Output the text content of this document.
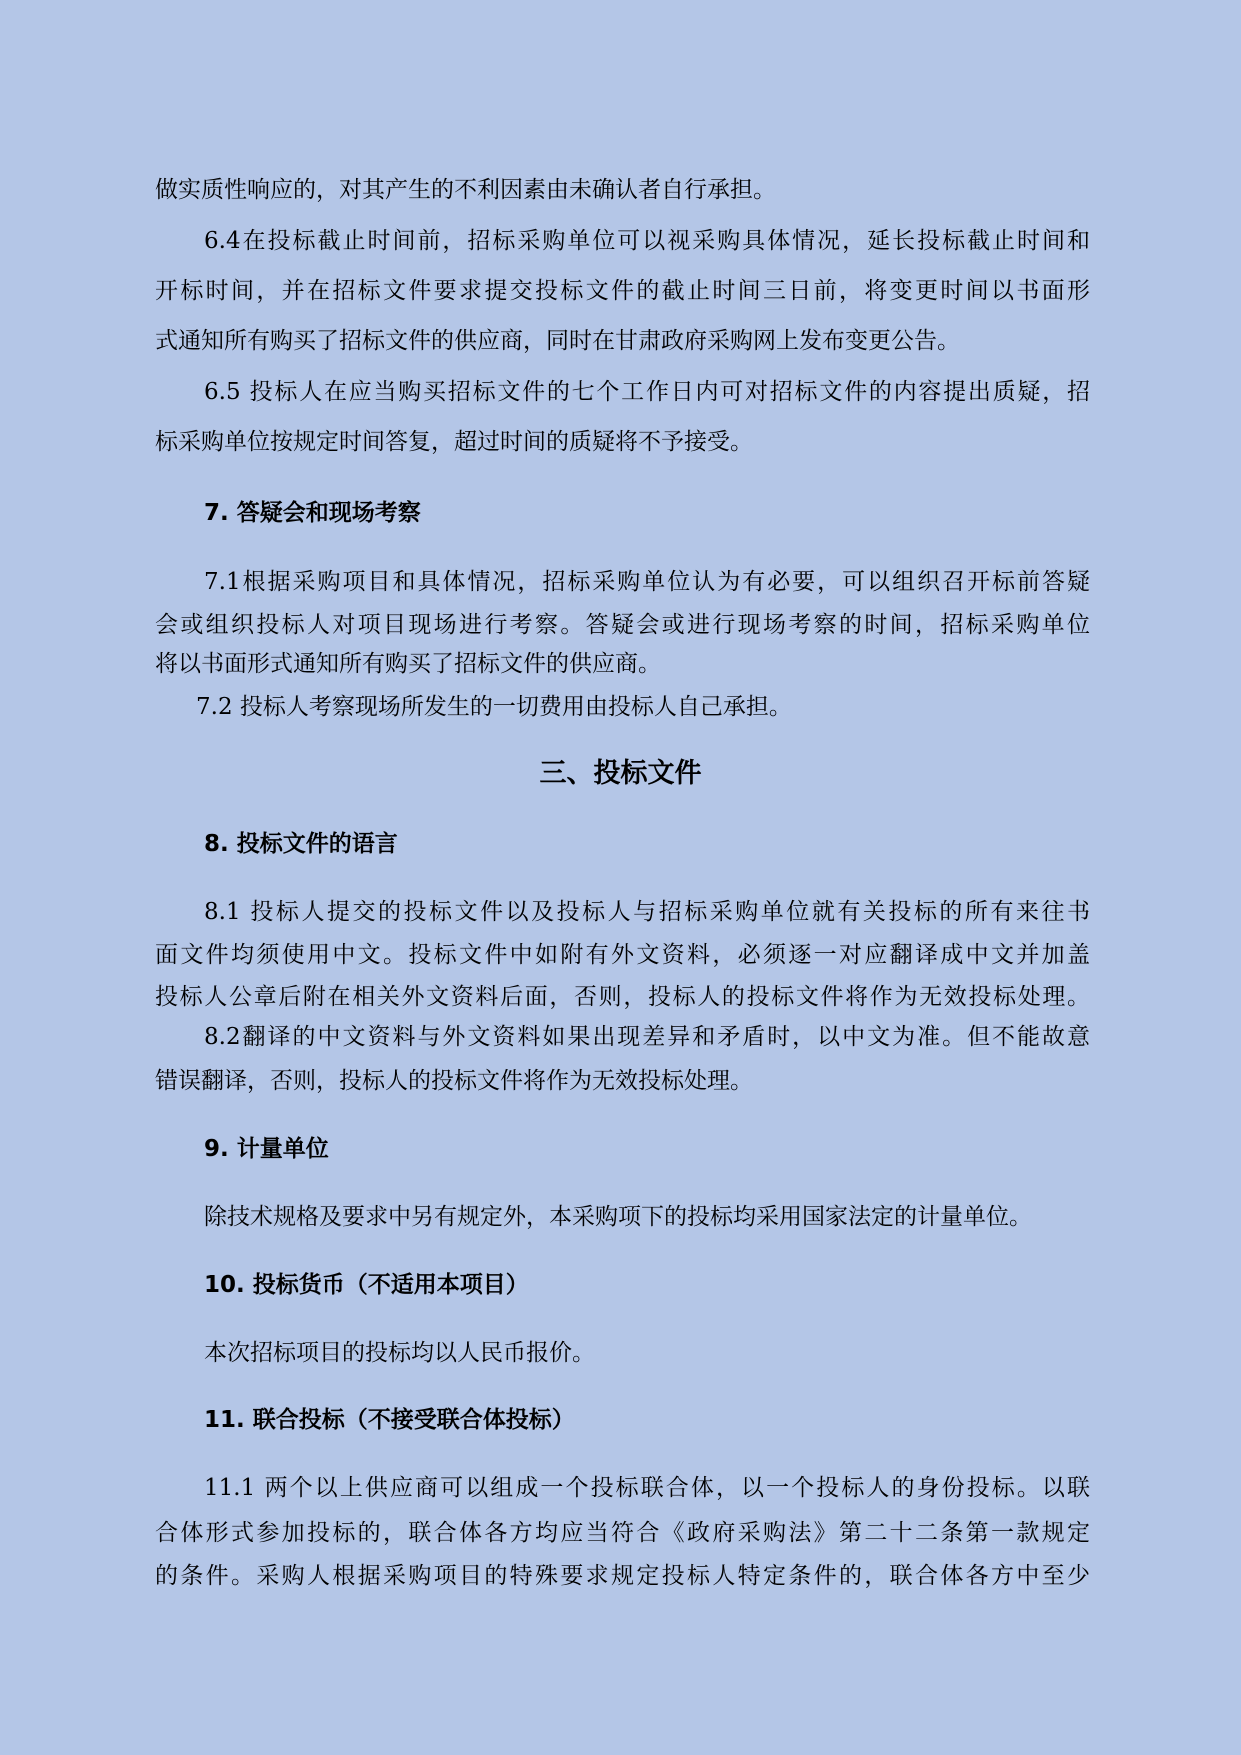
做实质性响应的，对其产生的不利因素由未确认者自行承担。
6.4在投标截止时间前，招标采购单位可以视采购具体情况，延长投标截止时间和
开标时间，并在招标文件要求提交投标文件的截止时间三日前，将变更时间以书面形
式通知所有购买了招标文件的供应商，同时在甘肃政府采购网上发布变更公告。
6.5 投标人在应当购买招标文件的七个工作日内可对招标文件的内容提出质疑，招
标采购单位按规定时间答复，超过时间的质疑将不予接受。
7. 答疑会和现场考察
7.1根据采购项目和具体情况，招标采购单位认为有必要，可以组织召开标前答疑
会或组织投标人对项目现场进行考察。答疑会或进行现场考察的时间，招标采购单位
将以书面形式通知所有购买了招标文件的供应商。
7.2 投标人考察现场所发生的一切费用由投标人自己承担。
三、投标文件
8. 投标文件的语言
8.1 投标人提交的投标文件以及投标人与招标采购单位就有关投标的所有来往书
面文件均须使用中文。投标文件中如附有外文资料，必须逐一对应翻译成中文并加盖
投标人公章后附在相关外文资料后面，否则，投标人的投标文件将作为无效投标处理。
8.2翻译的中文资料与外文资料如果出现差异和矛盾时，以中文为准。但不能故意
错误翻译，否则，投标人的投标文件将作为无效投标处理。
9. 计量单位
除技术规格及要求中另有规定外，本采购项下的投标均采用国家法定的计量单位。
10. 投标货币（不适用本项目）
本次招标项目的投标均以人民币报价。
11. 联合投标（不接受联合体投标）
11.1 两个以上供应商可以组成一个投标联合体，以一个投标人的身份投标。以联
合体形式参加投标的，联合体各方均应当符合《政府采购法》第二十二条第一款规定
的条件。采购人根据采购项目的特殊要求规定投标人特定条件的，联合体各方中至少
